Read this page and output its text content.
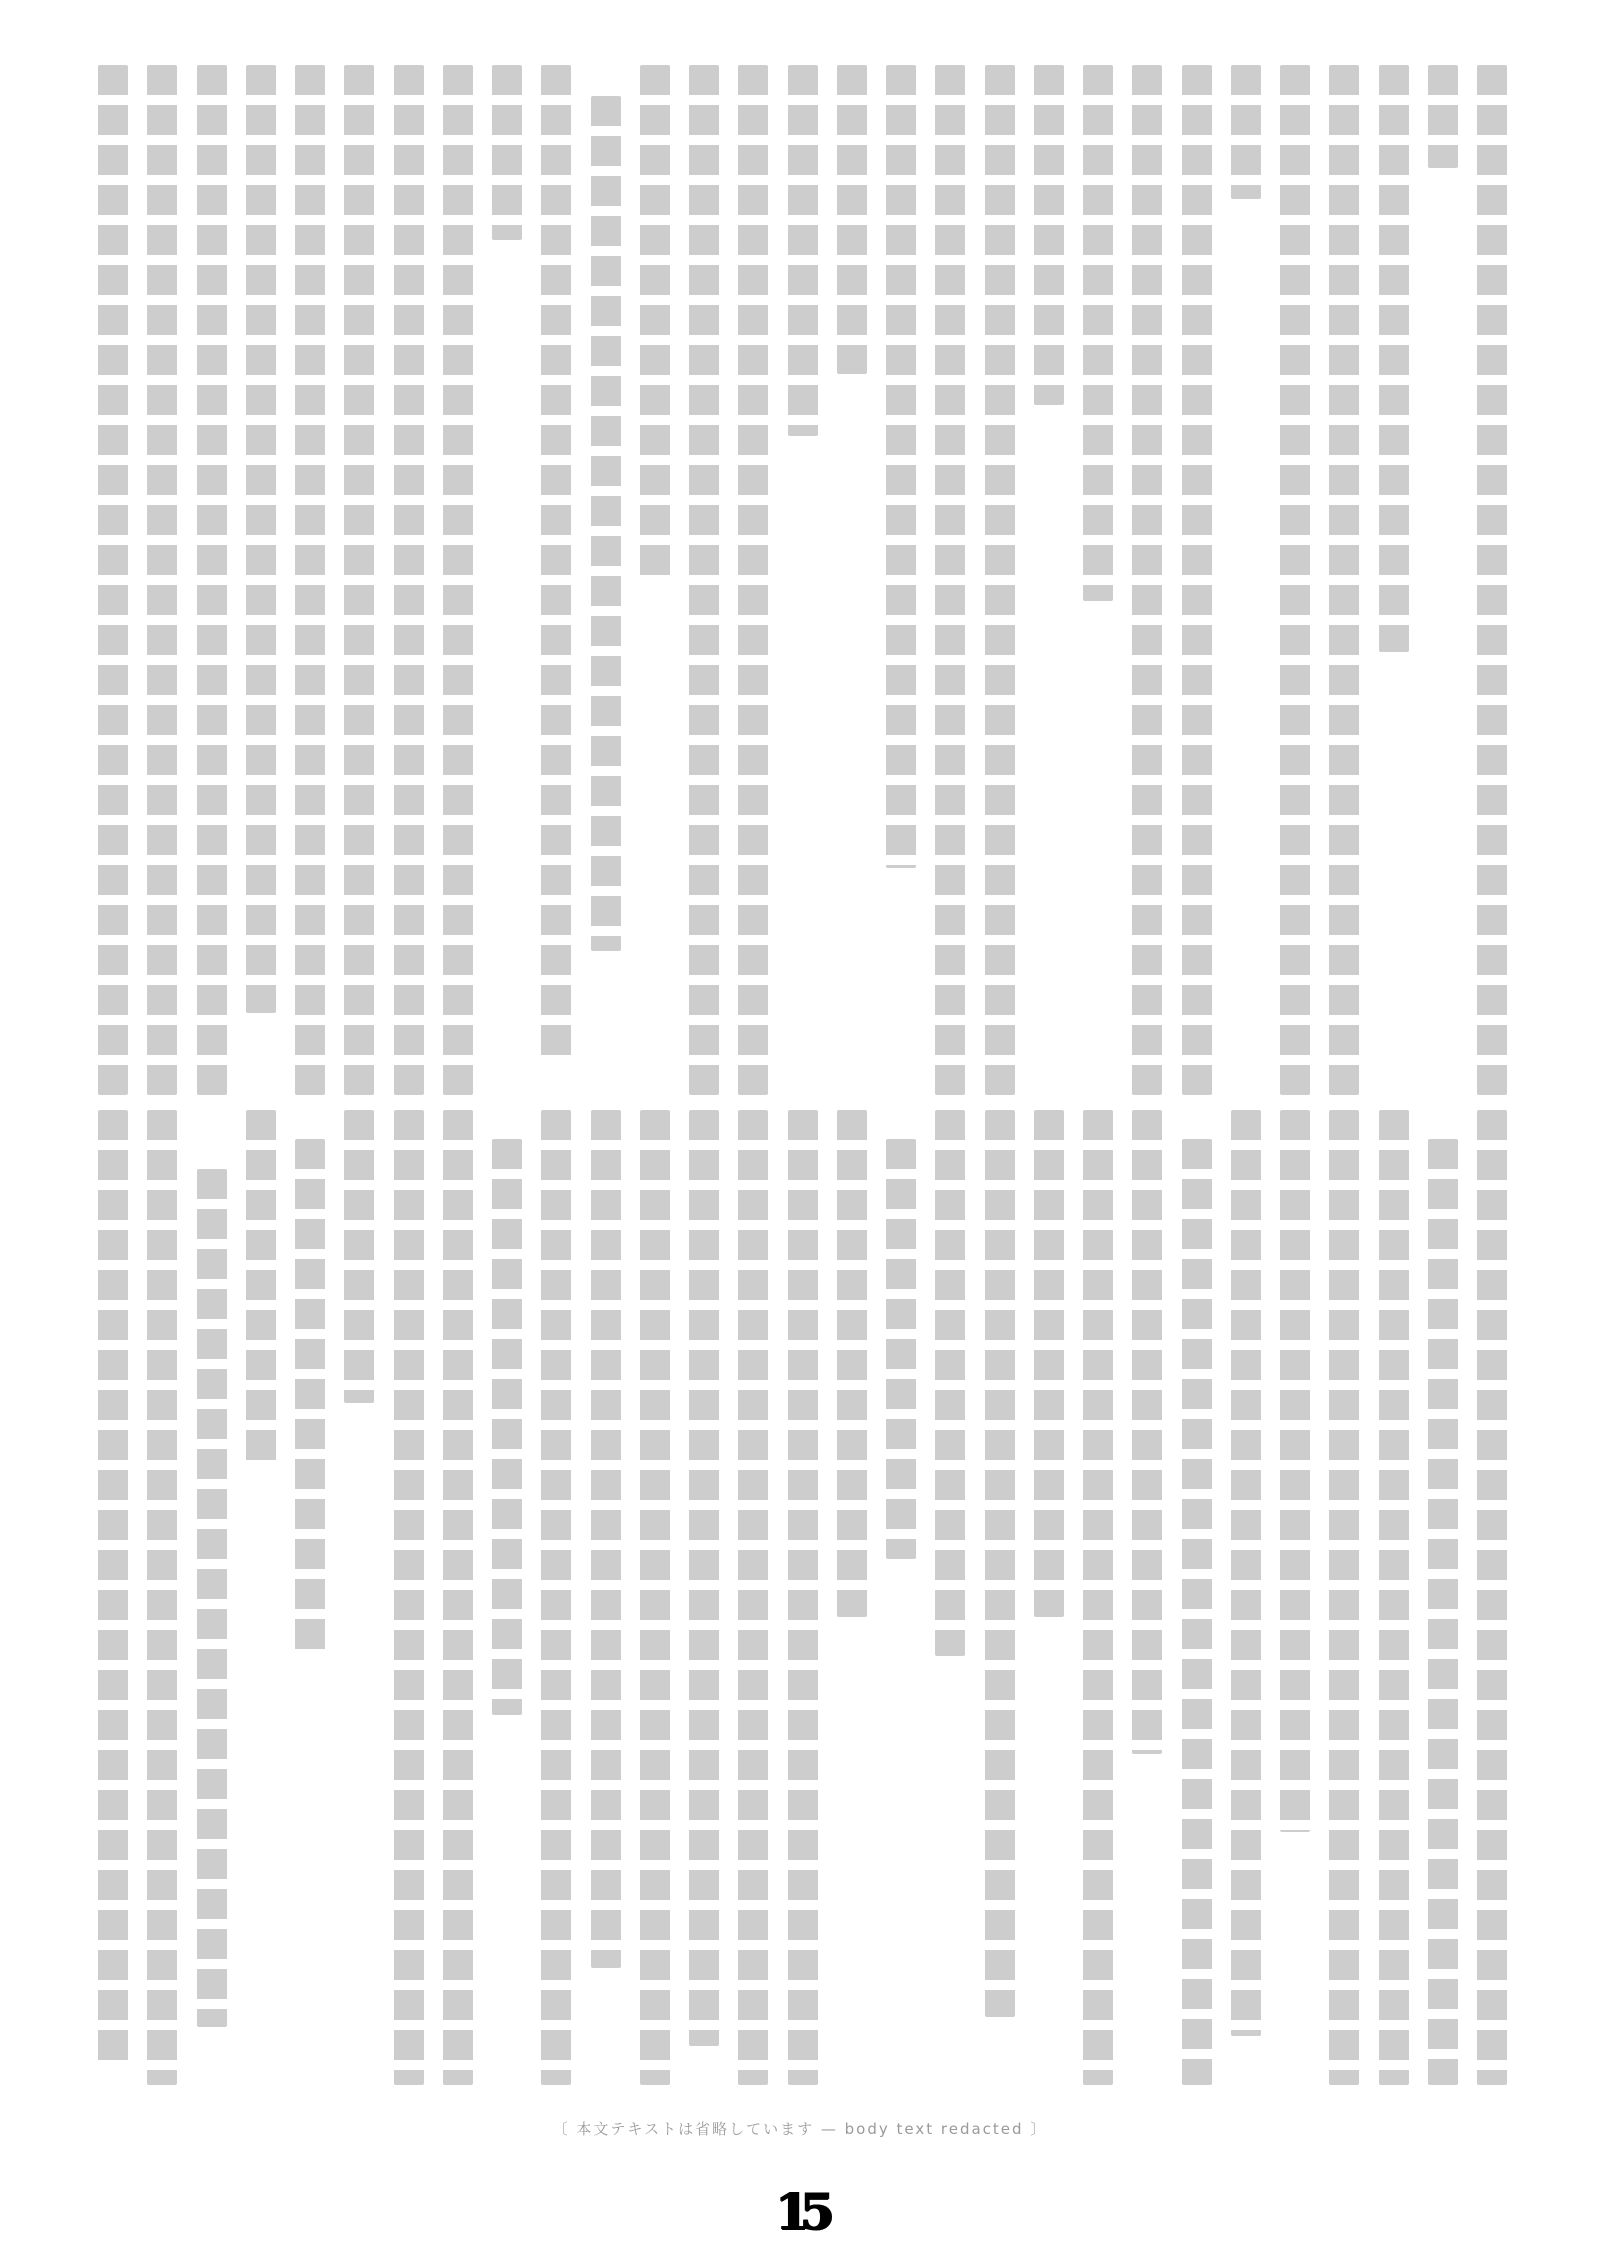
〔 本文テキストは省略しています — body text redacted 〕
15
